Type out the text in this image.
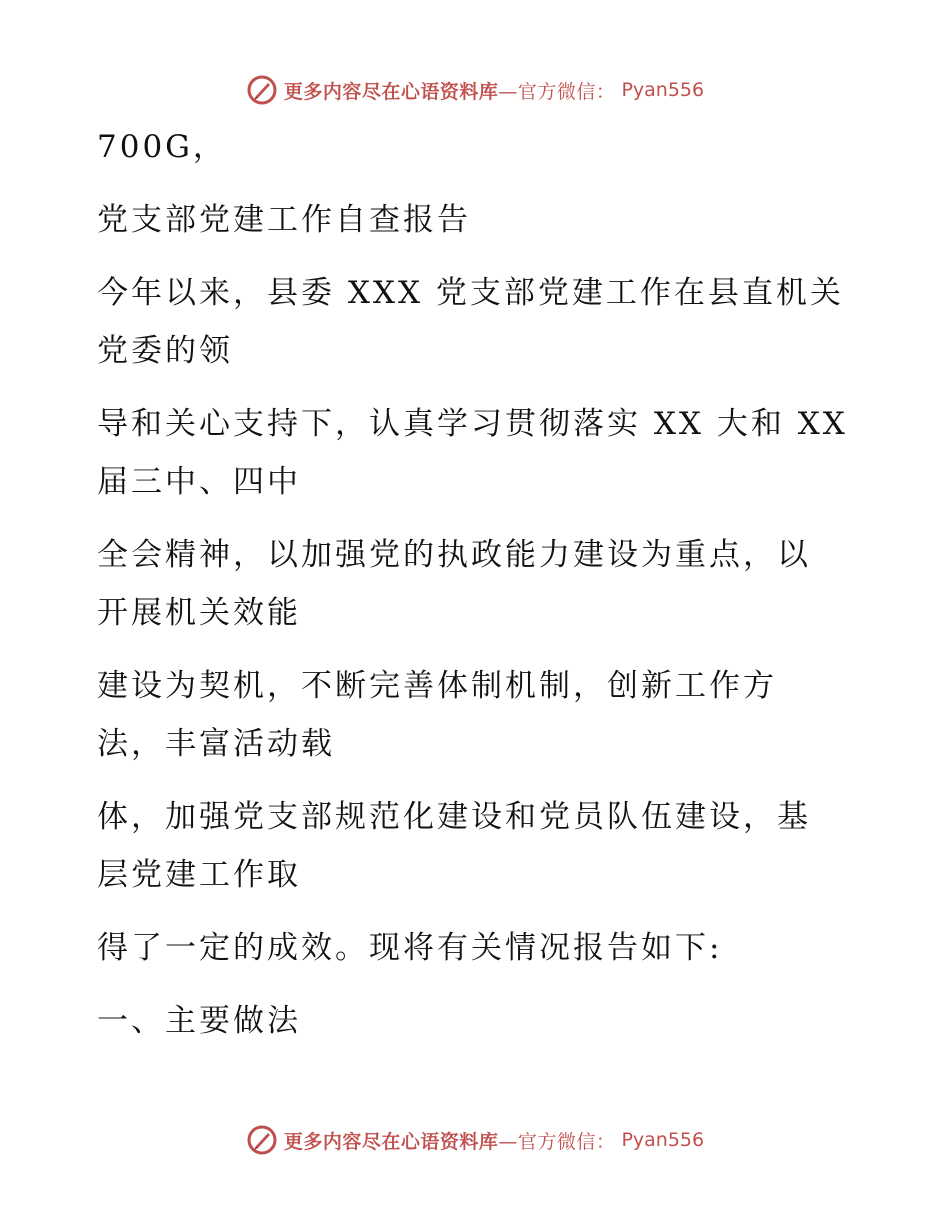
更多内容尽在心语资料库—官方微信： Pyan556
700G，
党支部党建工作自查报告
今年以来，县委 XXX 党支部党建工作在县直机关
党委的领
导和关心支持下，认真学习贯彻落实 XX 大和 XX
届三中、四中
全会精神，以加强党的执政能力建设为重点，以
开展机关效能
建设为契机，不断完善体制机制，创新工作方
法，丰富活动载
体，加强党支部规范化建设和党员队伍建设，基
层党建工作取
得了一定的成效。现将有关情况报告如下:
一、主要做法
更多内容尽在心语资料库—官方微信： Pyan556
